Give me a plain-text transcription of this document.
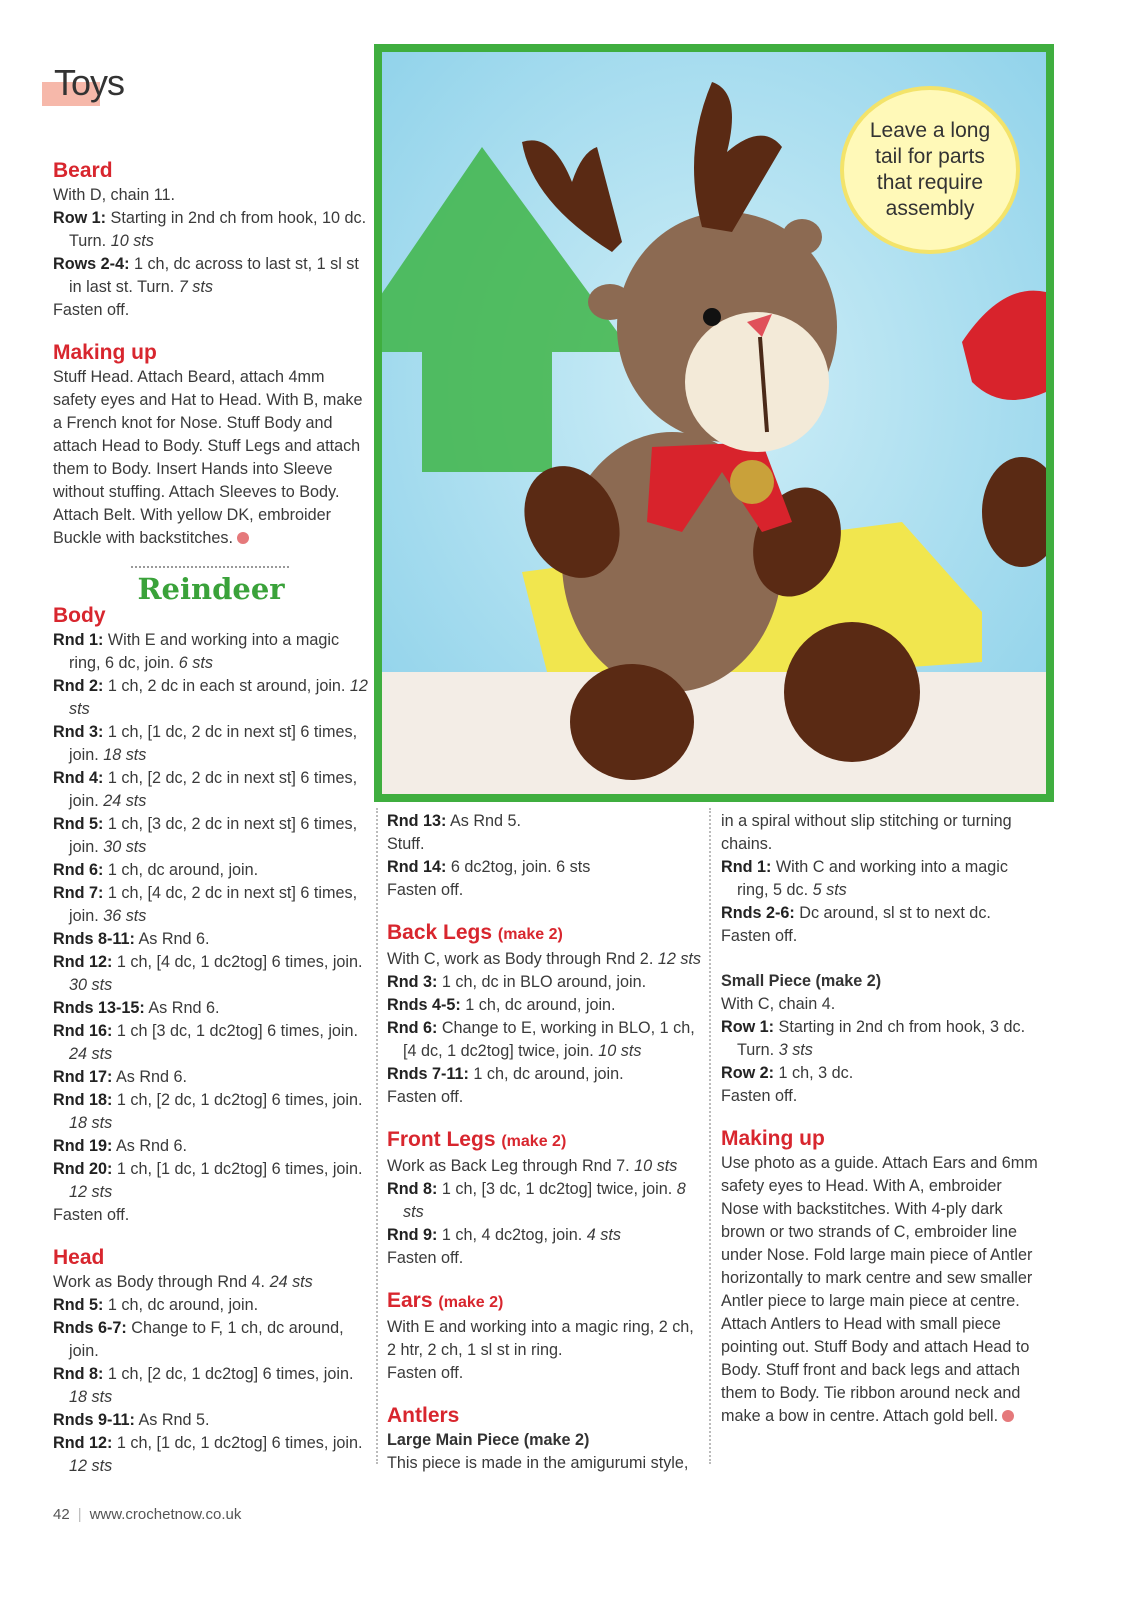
Toys
Leave a long tail for parts that require assembly

Beard

With D, chain 11.

Row 1: Starting in 2nd ch from hook, 10 dc. Turn. 10 sts

Rows 2-4: 1 ch, dc across to last st, 1 sl st in last st. Turn. 7 sts

Fasten off.

Making up

Stuff Head. Attach Beard, attach 4mm safety eyes and Hat to Head. With B, make a French knot for Nose. Stuff Body and attach Head to Body. Stuff Legs and attach them to Body. Insert Hands into Sleeve without stuffing. Attach Sleeves to Body. Attach Belt. With yellow DK, embroider Buckle with backstitches.

Reindeer

Body

Rnd 1: With E and working into a magic ring, 6 dc, join. 6 sts

Rnd 2: 1 ch, 2 dc in each st around, join. 12 sts

Rnd 3: 1 ch, [1 dc, 2 dc in next st] 6 times, join. 18 sts

Rnd 4: 1 ch, [2 dc, 2 dc in next st] 6 times, join. 24 sts

Rnd 5: 1 ch, [3 dc, 2 dc in next st] 6 times, join. 30 sts

Rnd 6: 1 ch, dc around, join.

Rnd 7: 1 ch, [4 dc, 2 dc in next st] 6 times, join. 36 sts

Rnds 8-11: As Rnd 6.

Rnd 12: 1 ch, [4 dc, 1 dc2tog] 6 times, join. 30 sts

Rnds 13-15: As Rnd 6.

Rnd 16: 1 ch [3 dc, 1 dc2tog] 6 times, join. 24 sts

Rnd 17: As Rnd 6.

Rnd 18: 1 ch, [2 dc, 1 dc2tog] 6 times, join. 18 sts

Rnd 19: As Rnd 6.

Rnd 20: 1 ch, [1 dc, 1 dc2tog] 6 times, join. 12 sts

Fasten off.

Head

Work as Body through Rnd 4. 24 sts

Rnd 5: 1 ch, dc around, join.

Rnds 6-7: Change to F, 1 ch, dc around, join.

Rnd 8: 1 ch, [2 dc, 1 dc2tog] 6 times, join. 18 sts

Rnds 9-11: As Rnd 5.

Rnd 12: 1 ch, [1 dc, 1 dc2tog] 6 times, join. 12 sts

Rnd 13: As Rnd 5.

Stuff.

Rnd 14: 6 dc2tog, join. 6 sts

Fasten off.

Back Legs (make 2)

With C, work as Body through Rnd 2. 12 sts

Rnd 3: 1 ch, dc in BLO around, join.

Rnds 4-5: 1 ch, dc around, join.

Rnd 6: Change to E, working in BLO, 1 ch, [4 dc, 1 dc2tog] twice, join. 10 sts

Rnds 7-11: 1 ch, dc around, join.

Fasten off.

Front Legs (make 2)

Work as Back Leg through Rnd 7. 10 sts

Rnd 8: 1 ch, [3 dc, 1 dc2tog] twice, join. 8 sts

Rnd 9: 1 ch, 4 dc2tog, join. 4 sts

Fasten off.

Ears (make 2)

With E and working into a magic ring, 2 ch, 2 htr, 2 ch, 1 sl st in ring.

Fasten off.

Antlers

Large Main Piece (make 2)

This piece is made in the amigurumi style,

in a spiral without slip stitching or turning chains.

Rnd 1: With C and working into a magic ring, 5 dc. 5 sts

Rnds 2-6: Dc around, sl st to next dc.

Fasten off.

Small Piece (make 2)

With C, chain 4.

Row 1: Starting in 2nd ch from hook, 3 dc. Turn. 3 sts

Row 2: 1 ch, 3 dc.

Fasten off.

Making up

Use photo as a guide. Attach Ears and 6mm safety eyes to Head. With A, embroider Nose with backstitches. With 4-ply dark brown or two strands of C, embroider line under Nose. Fold large main piece of Antler horizontally to mark centre and sew smaller Antler piece to large main piece at centre. Attach Antlers to Head with small piece pointing out. Stuff Body and attach Head to Body. Stuff front and back legs and attach them to Body. Tie ribbon around neck and make a bow in centre. Attach gold bell.

42 | www.crochetnow.co.uk
